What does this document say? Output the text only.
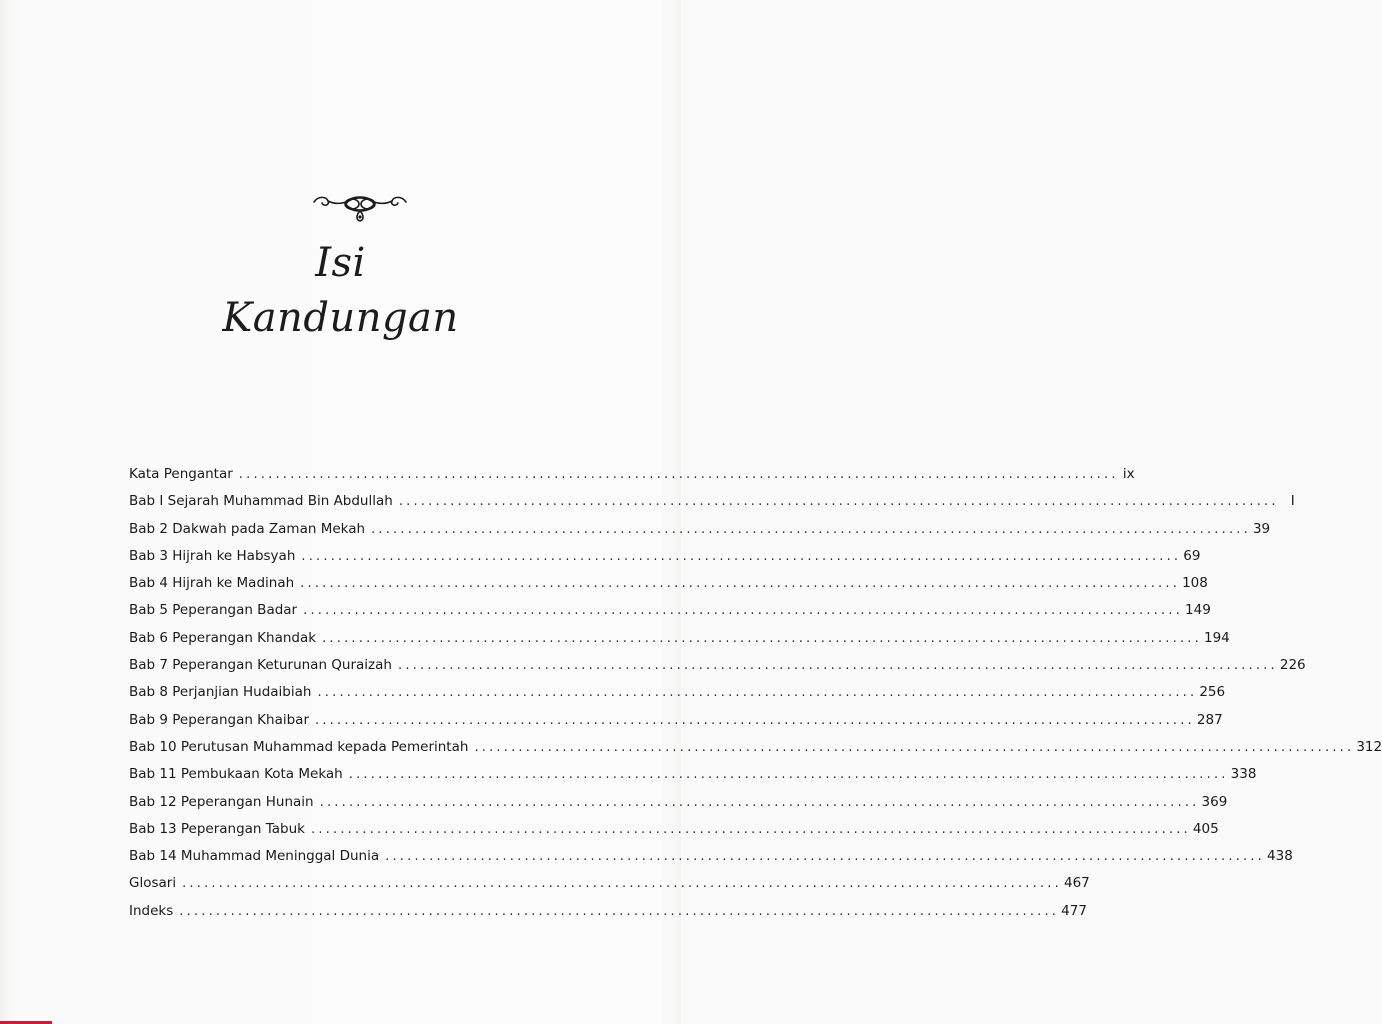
Isi
Kandungan
Kata Pengantar ........................................................................................................................ ix
Bab I Sejarah Muhammad Bin Abdullah ........................................................................................................................ I
Bab 2 Dakwah pada Zaman Mekah ........................................................................................................................ 39
Bab 3 Hijrah ke Habsyah ........................................................................................................................ 69
Bab 4 Hijrah ke Madinah ........................................................................................................................ 108
Bab 5 Peperangan Badar ........................................................................................................................ 149
Bab 6 Peperangan Khandak ........................................................................................................................ 194
Bab 7 Peperangan Keturunan Quraizah ........................................................................................................................ 226
Bab 8 Perjanjian Hudaibiah ........................................................................................................................ 256
Bab 9 Peperangan Khaibar ........................................................................................................................ 287
Bab 10 Perutusan Muhammad kepada Pemerintah ........................................................................................................................ 312
Bab 11 Pembukaan Kota Mekah ........................................................................................................................ 338
Bab 12 Peperangan Hunain ........................................................................................................................ 369
Bab 13 Peperangan Tabuk ........................................................................................................................ 405
Bab 14 Muhammad Meninggal Dunia ........................................................................................................................ 438
Glosari ........................................................................................................................ 467
Indeks ........................................................................................................................ 477
